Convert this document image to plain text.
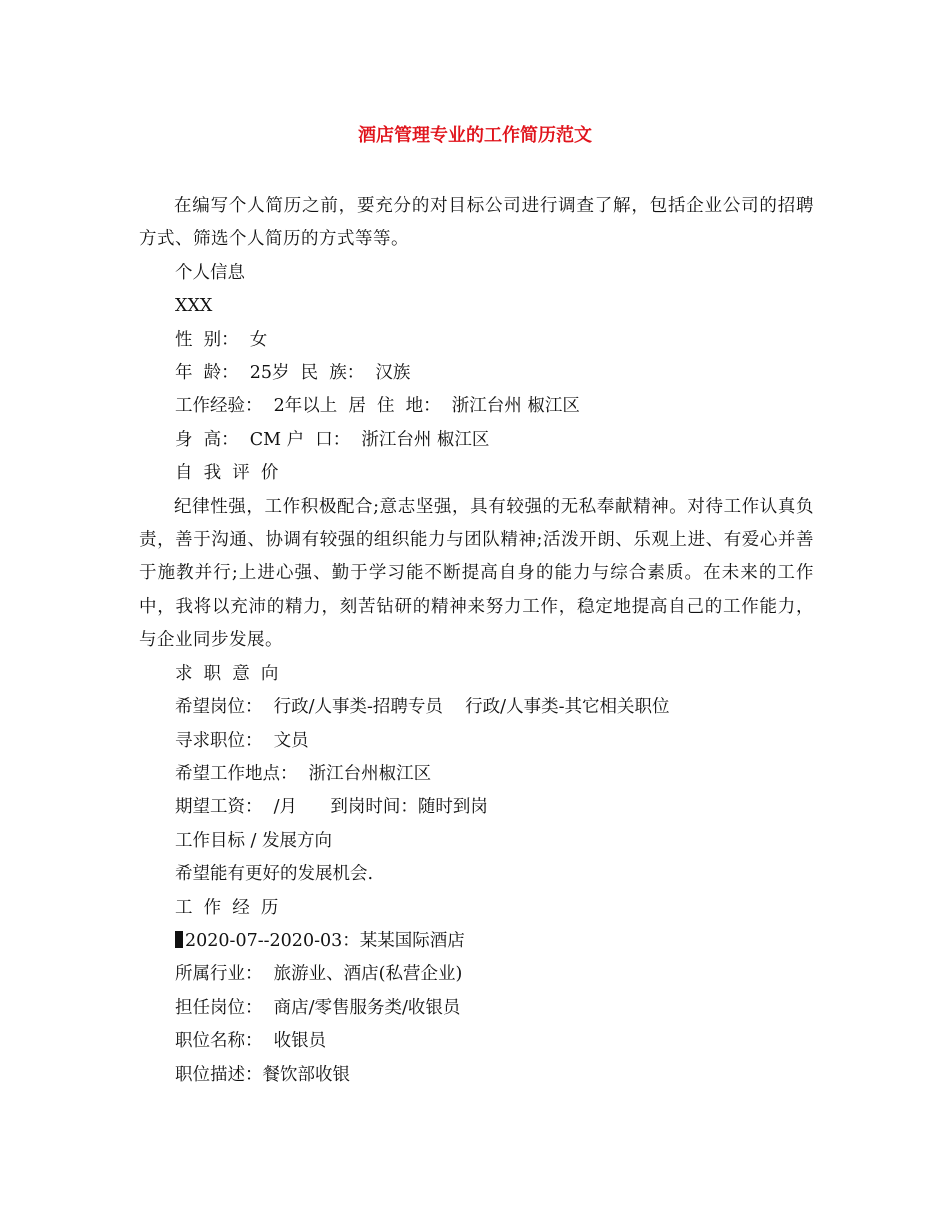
酒店管理专业的工作简历范文

在编写个人简历之前，要充分的对目标公司进行调查了解，包括企业公司的招聘方式、筛选个人简历的方式等等。

个人信息

XXX

性  别：  女

年  龄：  25岁  民  族：  汉族

工作经验：  2年以上  居  住  地：  浙江台州 椒江区

身  高：  CM 户  口：  浙江台州 椒江区

自  我  评  价

纪律性强，工作积极配合;意志坚强，具有较强的无私奉献精神。对待工作认真负责，善于沟通、协调有较强的组织能力与团队精神;活泼开朗、乐观上进、有爱心并善于施教并行;上进心强、勤于学习能不断提高自身的能力与综合素质。在未来的工作中，我将以充沛的精力，刻苦钻研的精神来努力工作，稳定地提高自己的工作能力，与企业同步发展。

求  职  意  向

希望岗位：  行政/人事类-招聘专员    行政/人事类-其它相关职位

寻求职位：  文员

希望工作地点：  浙江台州椒江区

期望工资：  /月      到岗时间：随时到岗

工作目标 / 发展方向

希望能有更好的发展机会.

工  作  经  历

2020-07--2020-03：某某国际酒店

所属行业：  旅游业、酒店(私营企业)

担任岗位：  商店/零售服务类/收银员

职位名称：  收银员

职位描述：餐饮部收银
